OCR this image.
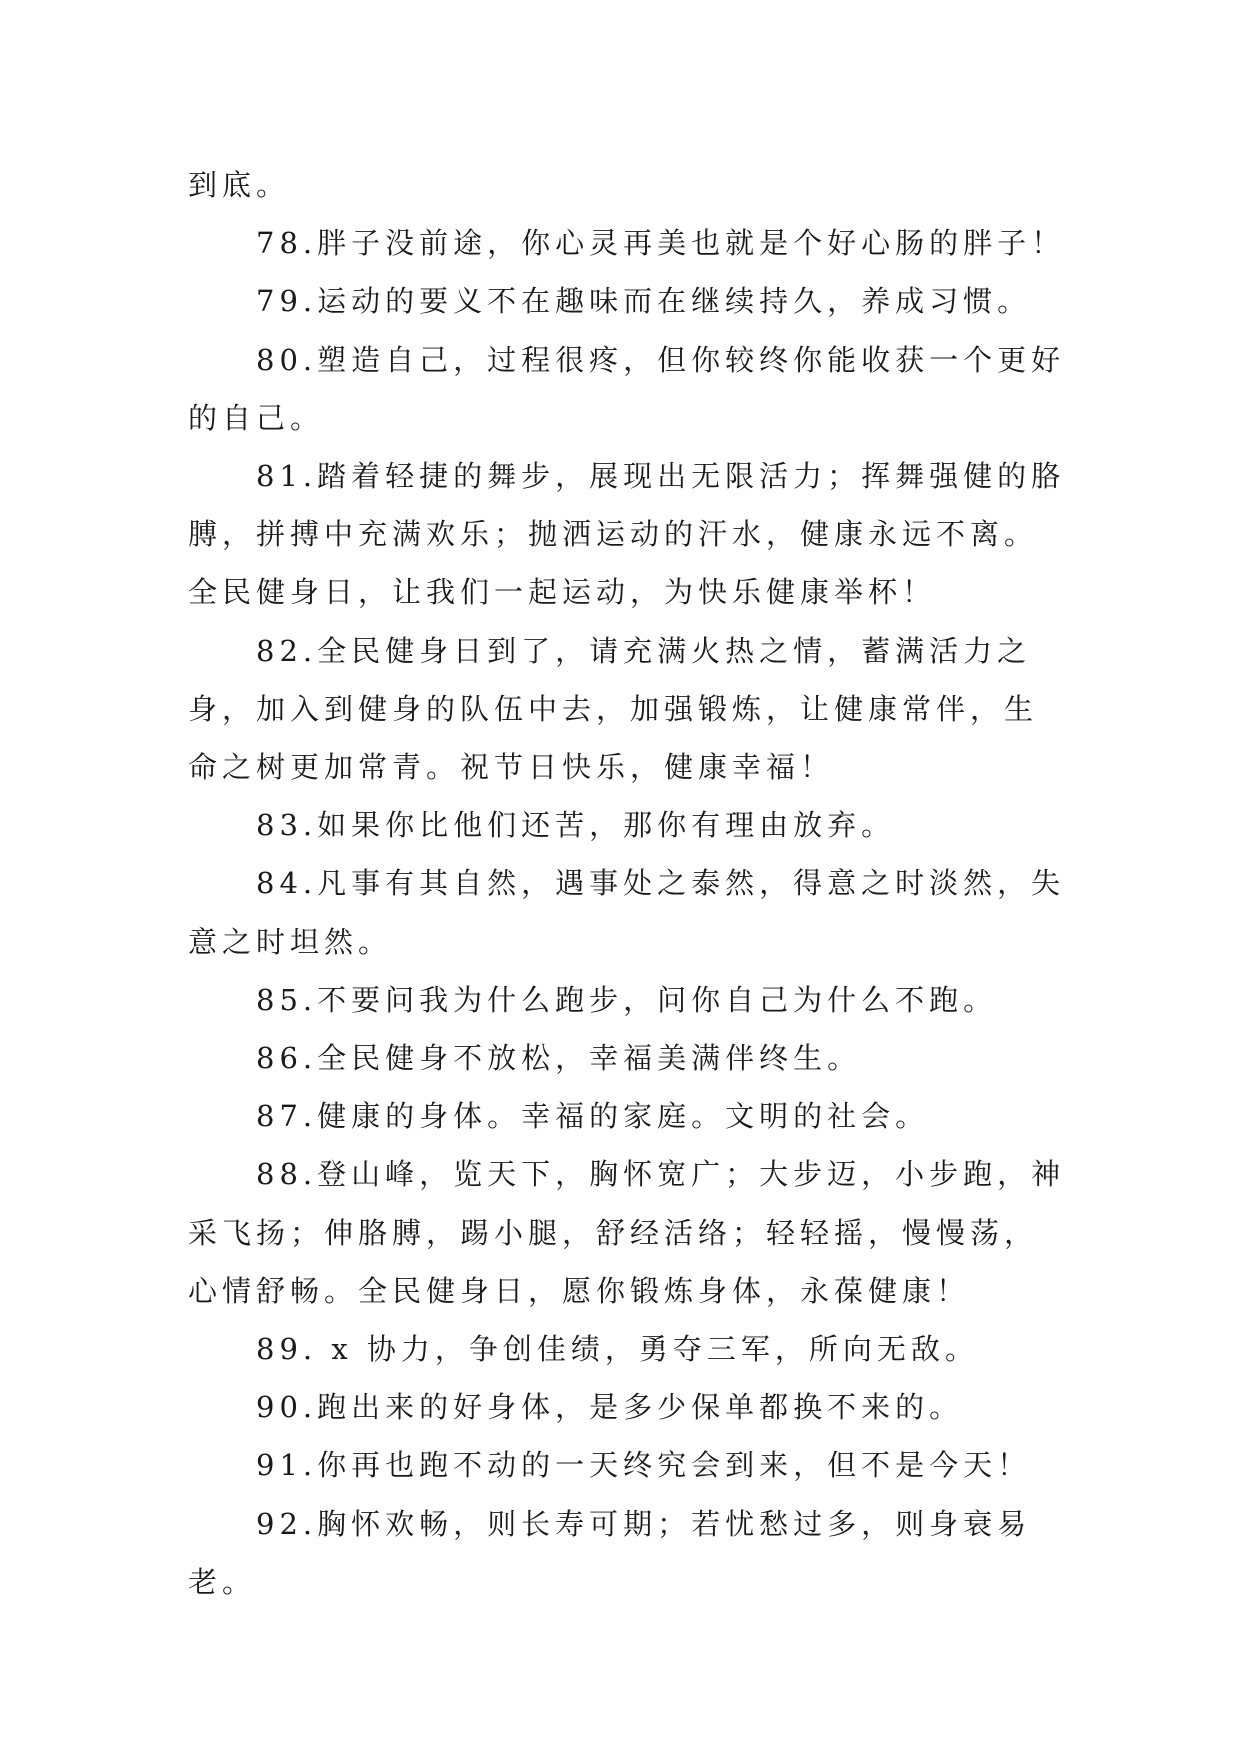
到底。

78.胖子没前途，你心灵再美也就是个好心肠的胖子！

79.运动的要义不在趣味而在继续持久，养成习惯。

80.塑造自己，过程很疼，但你较终你能收获一个更好的自己。

81.踏着轻捷的舞步，展现出无限活力；挥舞强健的胳膊，拼搏中充满欢乐；抛洒运动的汗水，健康永远不离。全民健身日，让我们一起运动，为快乐健康举杯！

82.全民健身日到了，请充满火热之情，蓄满活力之身，加入到健身的队伍中去，加强锻炼，让健康常伴，生命之树更加常青。祝节日快乐，健康幸福！

83.如果你比他们还苦，那你有理由放弃。

84.凡事有其自然，遇事处之泰然，得意之时淡然，失意之时坦然。

85.不要问我为什么跑步，问你自己为什么不跑。

86.全民健身不放松，幸福美满伴终生。

87.健康的身体。幸福的家庭。文明的社会。

88.登山峰，览天下，胸怀宽广；大步迈，小步跑，神采飞扬；伸胳膊，踢小腿，舒经活络；轻轻摇，慢慢荡，心情舒畅。全民健身日，愿你锻炼身体，永葆健康！

89. x 协力，争创佳绩，勇夺三军，所向无敌。

90.跑出来的好身体，是多少保单都换不来的。

91.你再也跑不动的一天终究会到来，但不是今天！

92.胸怀欢畅，则长寿可期；若忧愁过多，则身衰易老。
